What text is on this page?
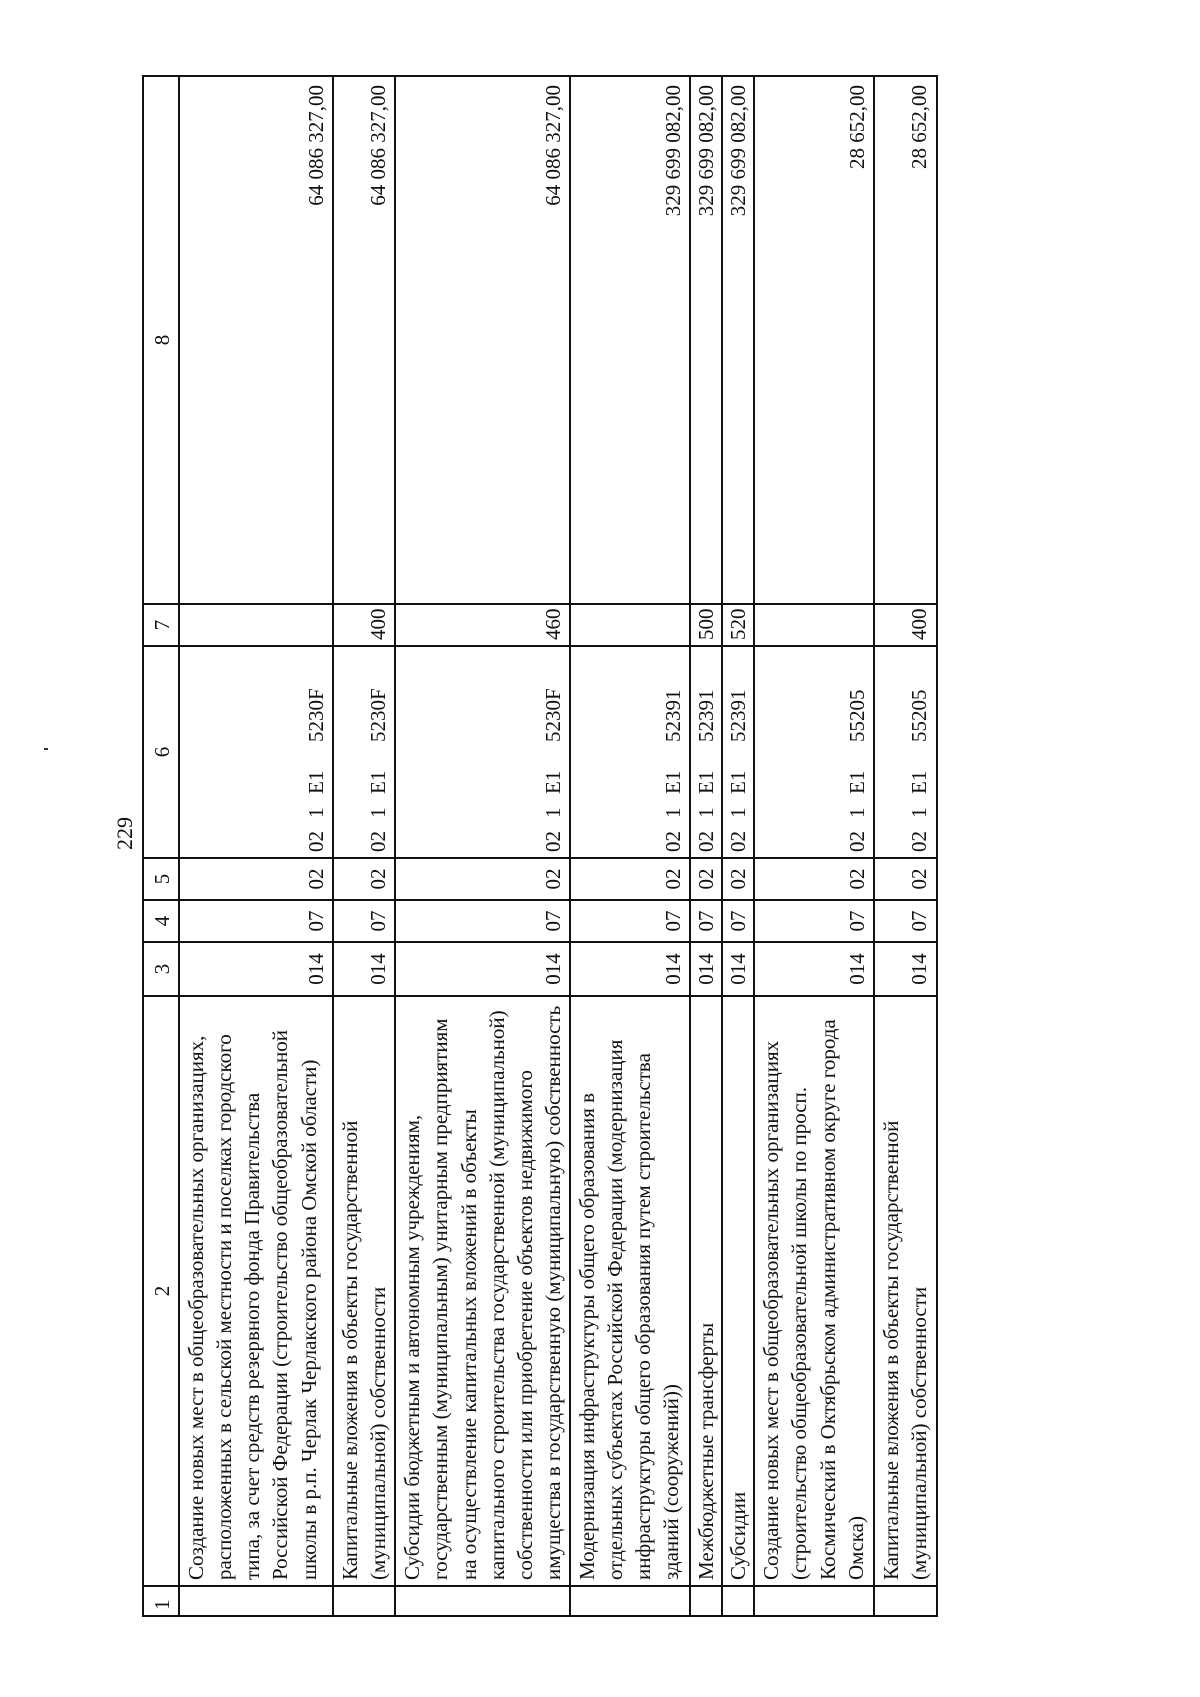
229
1	2	3	4	5	6	7	8
	Создание новых мест в общеобразовательных организациях, расположенных в сельской местности и поселках городского типа, за счет средств резервного фонда Правительства Российской Федерации (строительство общеобразовательной школы в р.п. Черлак Черлакского района Омской области)	014	07	02	021Е15230F		64 086 327,00
	Капитальные вложения в объекты государственной (муниципальной) собственности	014	07	02	021Е15230F	400	64 086 327,00
	Субсидии бюджетным и автономным учреждениям, государственным (муниципальным) унитарным предприятиям на осуществление капитальных вложений в объекты капитального строительства государственной (муниципальной) собственности или приобретение объектов недвижимого имущества в государственную (муниципальную) собственность	014	07	02	021Е15230F	460	64 086 327,00
	Модернизация инфраструктуры общего образования в отдельных субъектах Российской Федерации (модернизация инфраструктуры общего образования путем строительства зданий (сооружений))	014	07	02	021Е152391		329 699 082,00
	Межбюджетные трансферты	014	07	02	021Е152391	500	329 699 082,00
	Субсидии	014	07	02	021Е152391	520	329 699 082,00
	Создание новых мест в общеобразовательных организациях (строительство общеобразовательной школы по просп. Космический в Октябрьском административном округе города Омска)	014	07	02	021Е155205		28 652,00
	Капитальные вложения в объекты государственной (муниципальной) собственности	014	07	02	021Е155205	400	28 652,00
